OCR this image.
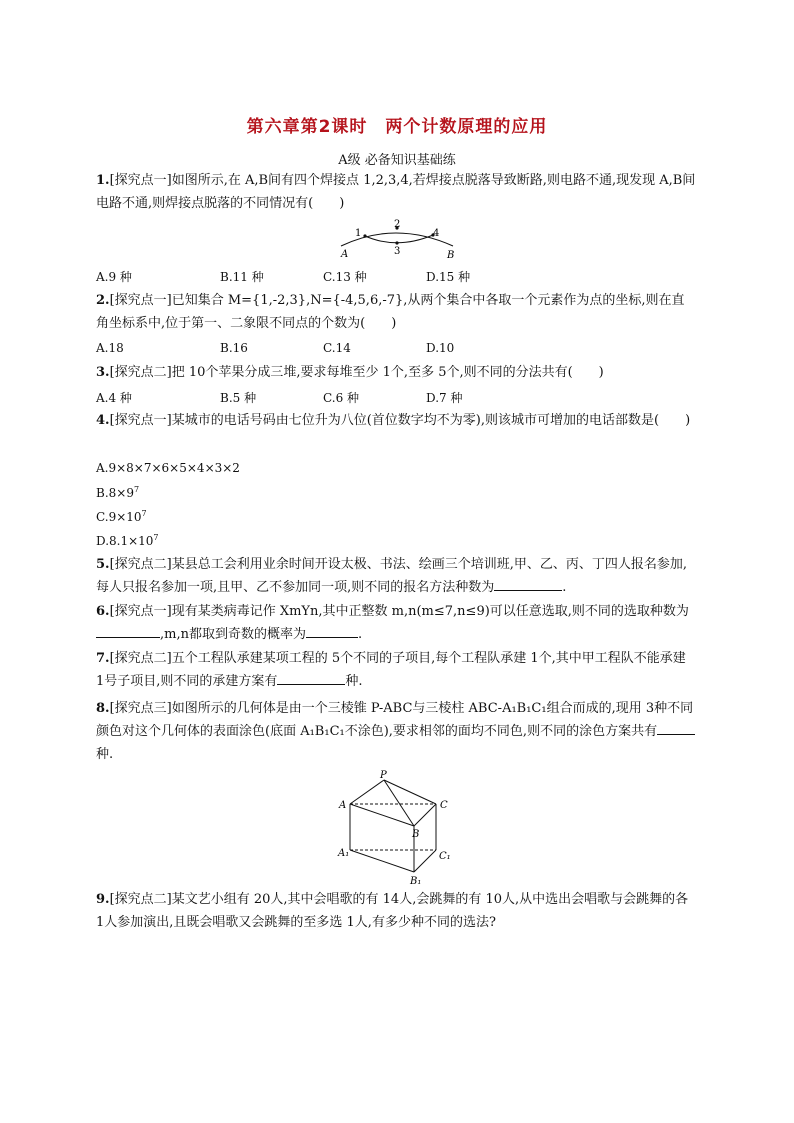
第六章第2课时　两个计数原理的应用
A级 必备知识基础练
1.[探究点一]如图所示,在 A,B间有四个焊接点 1,2,3,4,若焊接点脱落导致断路,则电路不通,现发现 A,B间电路不通,则焊接点脱落的不同情况有(　　)
1
2
3
4
A	B
A.9 种	B.11 种	C.13 种	D.15 种
2.[探究点一]已知集合 M={1,-2,3},N={-4,5,6,-7},从两个集合中各取一个元素作为点的坐标,则在直角坐标系中,位于第一、二象限不同点的个数为(　　)
A.18	B.16	C.14	D.10
3.[探究点二]把 10个苹果分成三堆,要求每堆至少 1个,至多 5个,则不同的分法共有(　　)
A.4 种	B.5 种	C.6 种	D.7 种
4.[探究点一]某城市的电话号码由七位升为八位(首位数字均不为零),则该城市可增加的电话部数是(　　)
A.9×8×7×6×5×4×3×2
$B.8\times 9^7$
$C.9\times 10^7$
$D.8.1\times 10^7$
5.[探究点二]某县总工会利用业余时间开设太极、书法、绘画三个培训班,甲、乙、丙、丁四人报名参加,每人只报名参加一项,且甲、乙不参加同一项,则不同的报名方法种数为	.
6.[探究点一]现有某类病毒记作 XmYn,其中正整数 m,n(m≤7,n≤9)可以任意选取,则不同的选取种数为,m,n都取到奇数的概率为	.
7.[探究点二]五个工程队承建某项工程的 5个不同的子项目,每个工程队承建 1个,其中甲工程队不能承建 1号子项目,则不同的承建方案有	种.
8.[探究点三]如图所示的几何体是由一个三棱锥 P-ABC与三棱柱 ABC-A₁B₁C₁组合而成的,现用 3种不同颜色对这个几何体的表面涂色(底面 A₁B₁C₁不涂色),要求相邻的面均不同色,则不同的涂色方案共有种.
P
A	C
B
A₁	C₁
B₁
9.[探究点二]某文艺小组有 20人,其中会唱歌的有 14人,会跳舞的有 10人,从中选出会唱歌与会跳舞的各 1人参加演出,且既会唱歌又会跳舞的至多选 1人,有多少种不同的选法?
